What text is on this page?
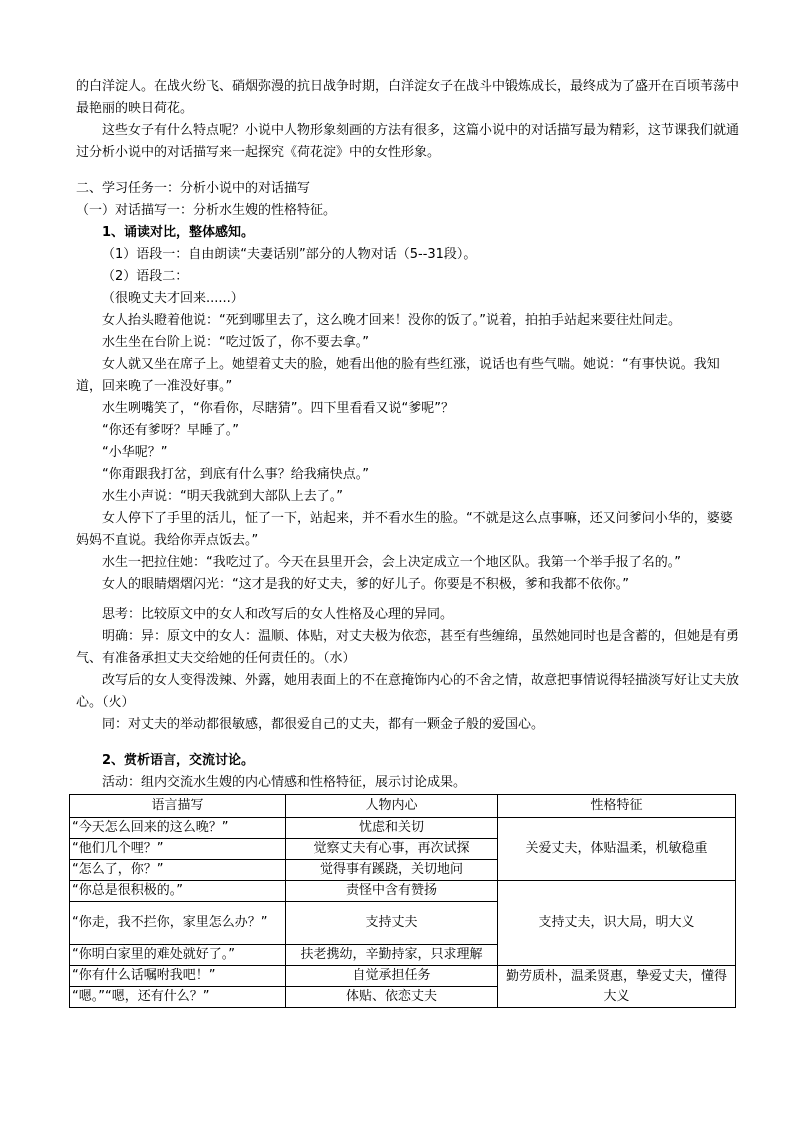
的白洋淀人。在战火纷飞、硝烟弥漫的抗日战争时期，白洋淀女子在战斗中锻炼成长，最终成为了盛开在百顷苇荡中最艳丽的映日荷花。

这些女子有什么特点呢？小说中人物形象刻画的方法有很多，这篇小说中的对话描写最为精彩，这节课我们就通过分析小说中的对话描写来一起探究《荷花淀》中的女性形象。

二、学习任务一：分析小说中的对话描写

（一）对话描写一：分析水生嫂的性格特征。

1、诵读对比，整体感知。

（1）语段一：自由朗读“夫妻话别”部分的人物对话（5--31段）。

（2）语段二：

（很晚丈夫才回来......）

女人抬头瞪着他说：“死到哪里去了，这么晚才回来！没你的饭了。”说着，拍拍手站起来要往灶间走。

水生坐在台阶上说：“吃过饭了，你不要去拿。”

女人就又坐在席子上。她望着丈夫的脸，她看出他的脸有些红涨，说话也有些气喘。她说：“有事快说。我知道，回来晚了一准没好事。”

水生咧嘴笑了，“你看你，尽瞎猜”。四下里看看又说“爹呢”？

“你还有爹呀？早睡了。”

“小华呢？”

“你甭跟我打岔，到底有什么事？给我痛快点。”

水生小声说：“明天我就到大部队上去了。”

女人停下了手里的活儿，怔了一下，站起来，并不看水生的脸。“不就是这么点事嘛，还又问爹问小华的，婆婆妈妈不直说。我给你弄点饭去。”

水生一把拉住她：“我吃过了。今天在县里开会，会上决定成立一个地区队。我第一个举手报了名的。”

女人的眼睛熠熠闪光：“这才是我的好丈夫，爹的好儿子。你要是不积极，爹和我都不依你。”

思考：比较原文中的女人和改写后的女人性格及心理的异同。

明确：异：原文中的女人：温顺、体贴，对丈夫极为依恋，甚至有些缠绵，虽然她同时也是含蓄的，但她是有勇气、有准备承担丈夫交给她的任何责任的。（水）

改写后的女人变得泼辣、外露，她用表面上的不在意掩饰内心的不舍之情，故意把事情说得轻描淡写好让丈夫放心。（火）

同：对丈夫的举动都很敏感，都很爱自己的丈夫，都有一颗金子般的爱国心。

2、赏析语言，交流讨论。

活动：组内交流水生嫂的内心情感和性格特征，展示讨论成果。

语言描写	人物内心	性格特征
“今天怎么回来的这么晚？”	忧虑和关切	关爱丈夫，体贴温柔，机敏稳重
“他们几个哩？”	觉察丈夫有心事，再次试探	
“怎么了，你？”	觉得事有蹊跷，关切地问	
“你总是很积极的。”	责怪中含有赞扬	支持丈夫，识大局，明大义
“你走，我不拦你，家里怎么办？”	支持丈夫	
“你明白家里的难处就好了。”	扶老携幼，辛勤持家，只求理解	
“你有什么话嘱咐我吧！”	自觉承担任务	勤劳质朴，温柔贤惠，挚爱丈夫，懂得大义
“嗯。”“嗯，还有什么？”	体贴、依恋丈夫	
